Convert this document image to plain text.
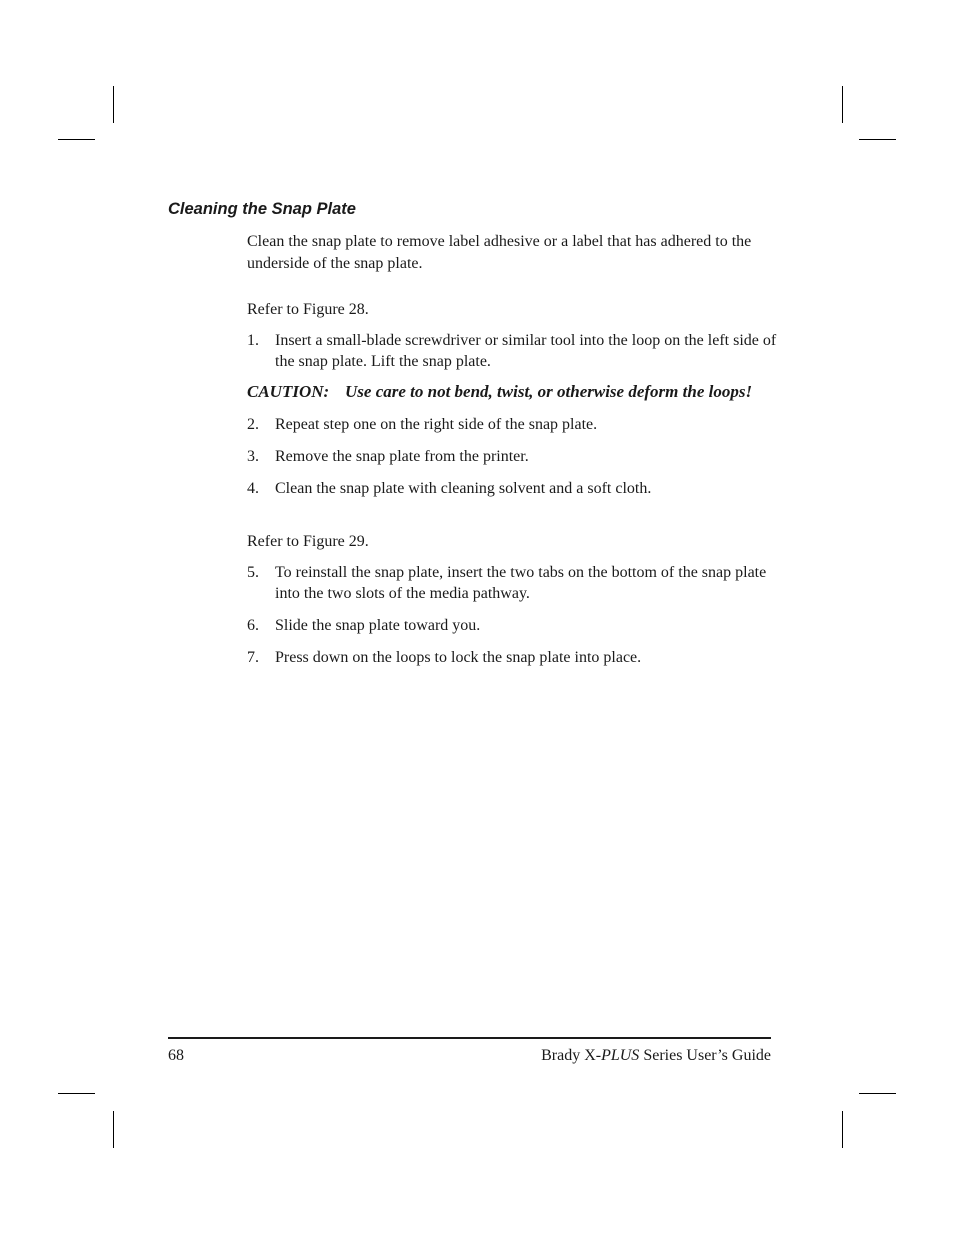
Cleaning the Snap Plate

Clean the snap plate to remove label adhesive or a label that has adhered to the underside of the snap plate.

Refer to Figure 28.

1.	Insert a small-blade screwdriver or similar tool into the loop on the left side of the snap plate. Lift the snap plate.
CAUTION: Use care to not bend, twist, or otherwise deform the loops!
2.	Repeat step one on the right side of the snap plate.
3.	Remove the snap plate from the printer.
4.	Clean the snap plate with cleaning solvent and a soft cloth.

Refer to Figure 29.

5.	To reinstall the snap plate, insert the two tabs on the bottom of the snap plate into the two slots of the media pathway.
6.	Slide the snap plate toward you.
7.	Press down on the loops to lock the snap plate into place.
68	Brady X-PLUS Series User’s Guide
